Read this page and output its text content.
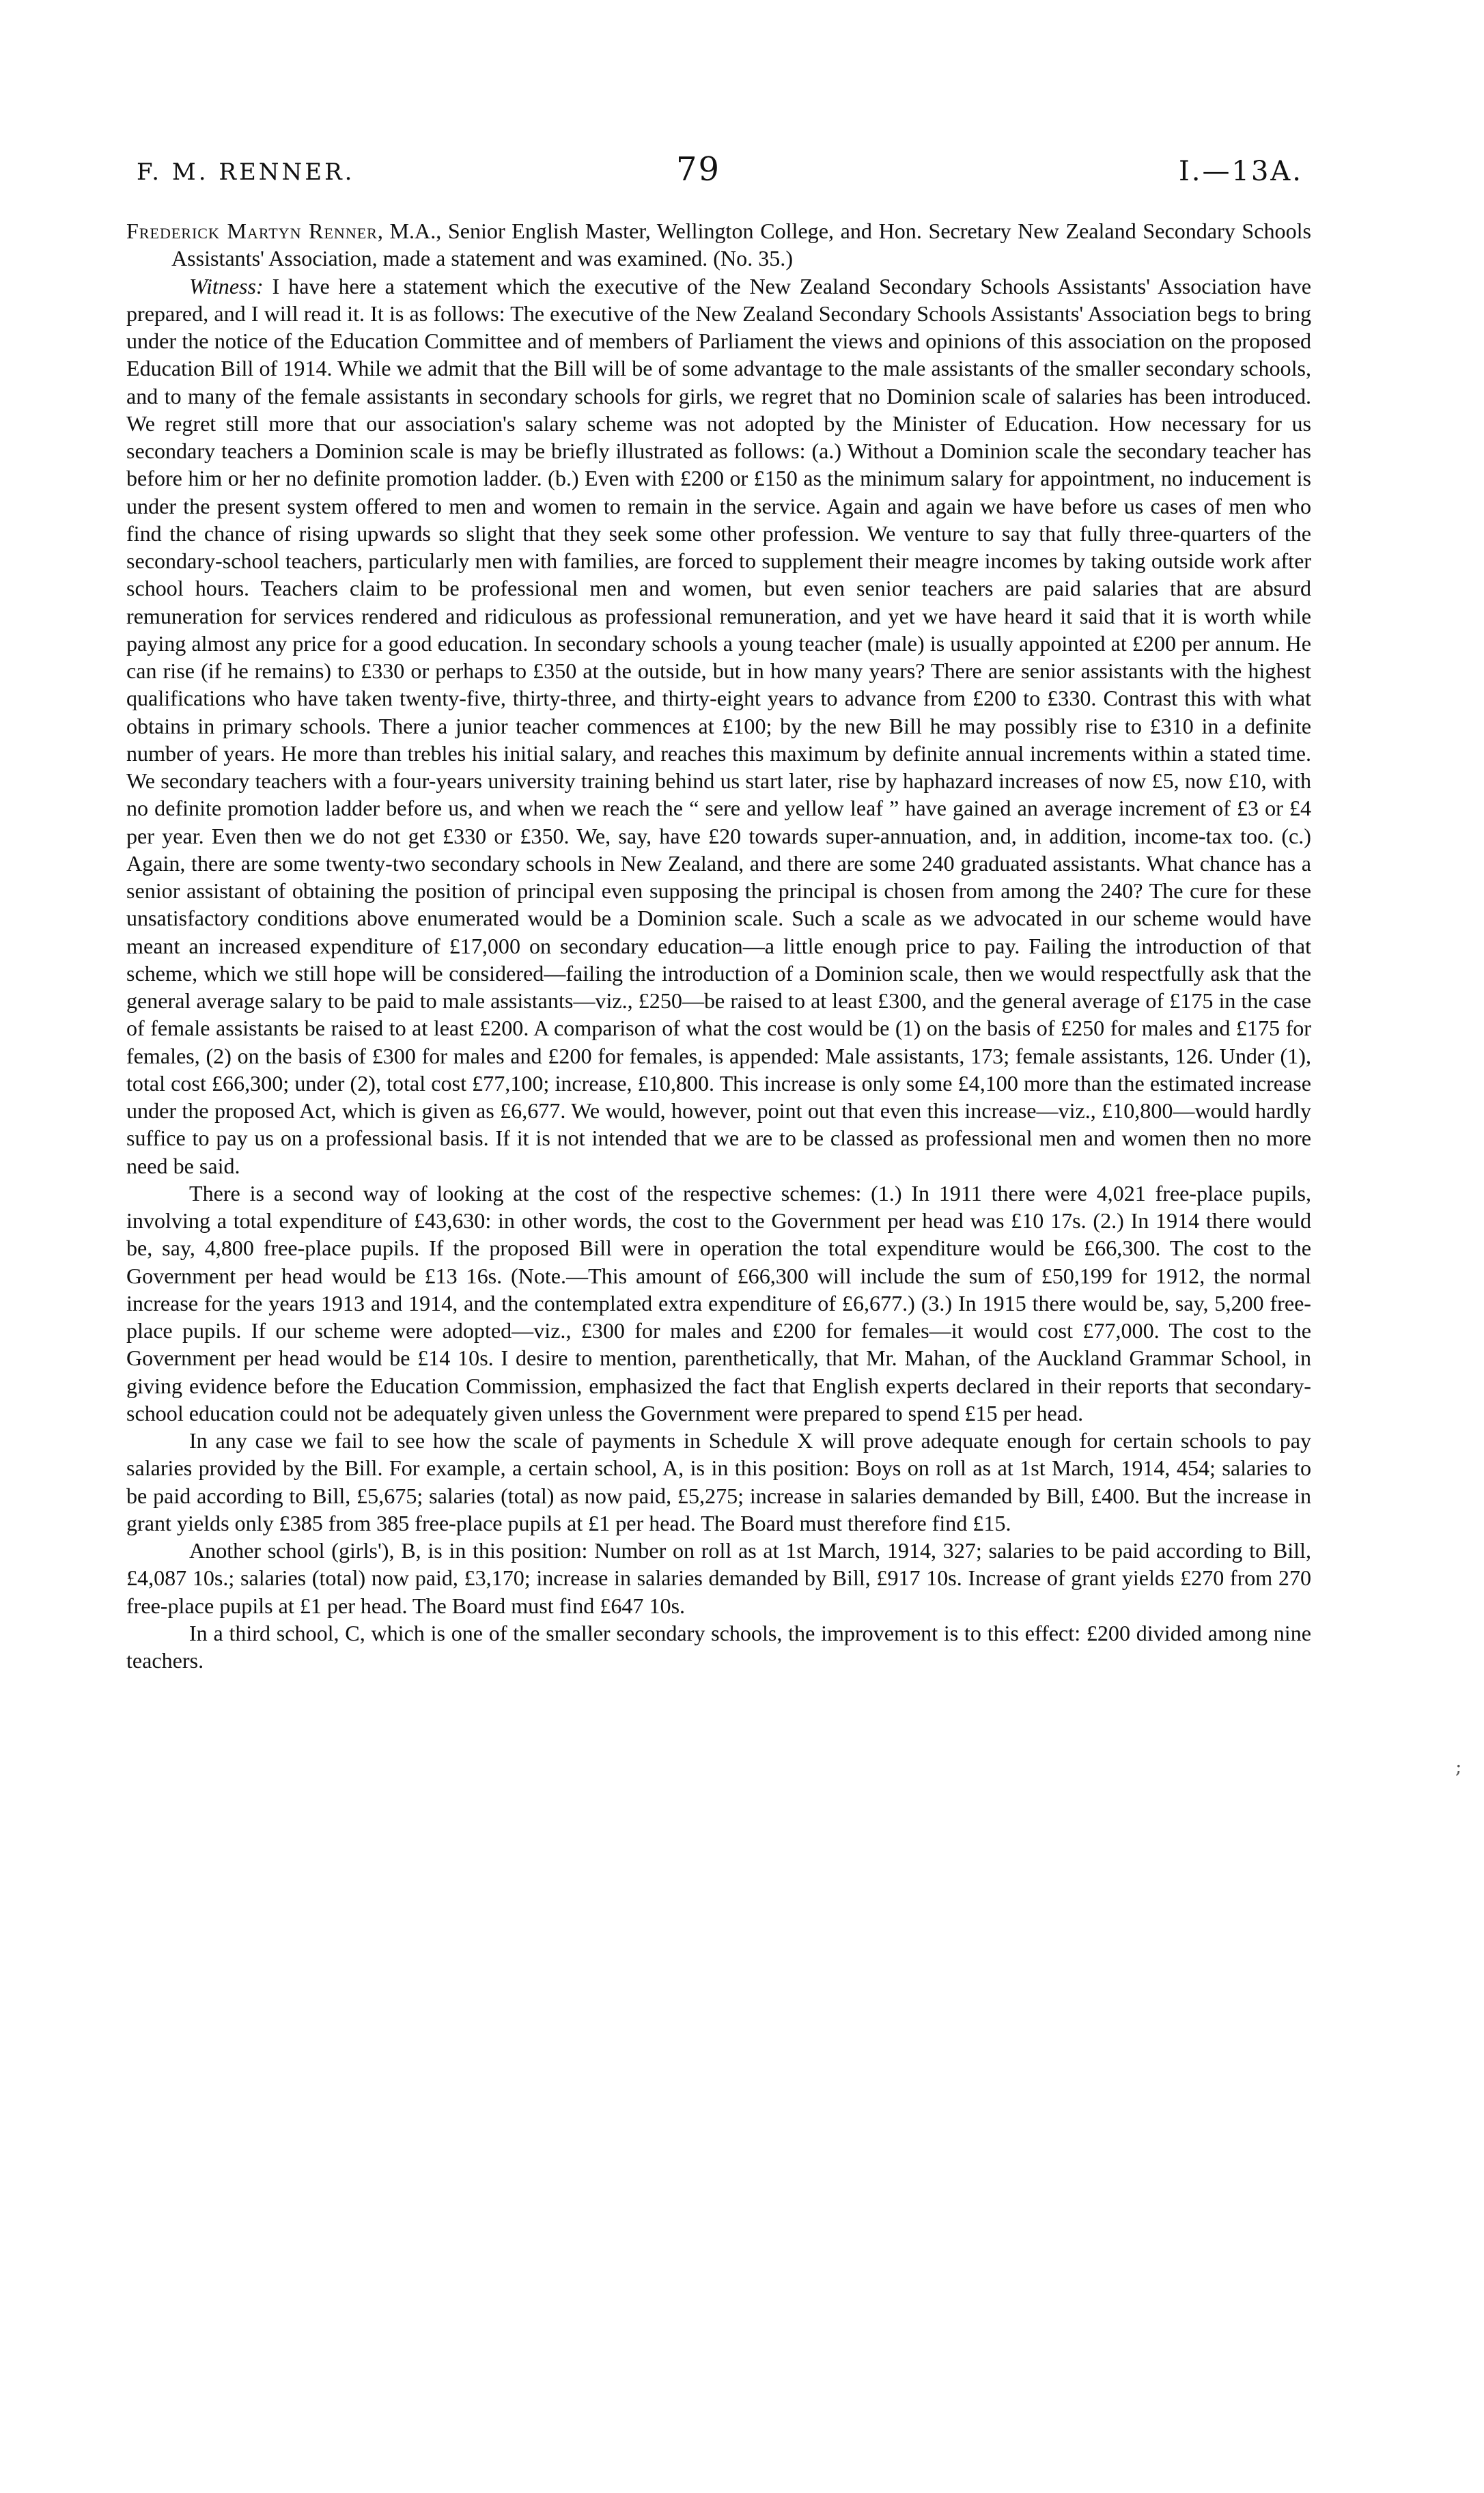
F. M. RENNER.	79	I.—13A.

Frederick Martyn Renner, M.A., Senior English Master, Wellington College, and Hon. Secretary New Zealand Secondary Schools Assistants' Association, made a statement and was examined. (No. 35.)

Witness: I have here a statement which the executive of the New Zealand Secondary Schools Assistants' Association have prepared, and I will read it. It is as follows: The executive of the New Zealand Secondary Schools Assistants' Association begs to bring under the notice of the Education Committee and of members of Parliament the views and opinions of this association on the proposed Education Bill of 1914. While we admit that the Bill will be of some advantage to the male assistants of the smaller secondary schools, and to many of the female assistants in secondary schools for girls, we regret that no Dominion scale of salaries has been introduced. We regret still more that our association's salary scheme was not adopted by the Minister of Education. How necessary for us secondary teachers a Dominion scale is may be briefly illustrated as follows: (a.) Without a Dominion scale the secondary teacher has before him or her no definite promotion ladder. (b.) Even with £200 or £150 as the minimum salary for appointment, no inducement is under the present system offered to men and women to remain in the service. Again and again we have before us cases of men who find the chance of rising upwards so slight that they seek some other profession. We venture to say that fully three-quarters of the secondary-school teachers, particularly men with families, are forced to supplement their meagre incomes by taking outside work after school hours. Teachers claim to be professional men and women, but even senior teachers are paid salaries that are absurd remuneration for services rendered and ridiculous as professional remuneration, and yet we have heard it said that it is worth while paying almost any price for a good education. In secondary schools a young teacher (male) is usually appointed at £200 per annum. He can rise (if he remains) to £330 or perhaps to £350 at the outside, but in how many years? There are senior assistants with the highest qualifications who have taken twenty-five, thirty-three, and thirty-eight years to advance from £200 to £330. Contrast this with what obtains in primary schools. There a junior teacher commences at £100; by the new Bill he may possibly rise to £310 in a definite number of years. He more than trebles his initial salary, and reaches this maximum by definite annual increments within a stated time. We secondary teachers with a four-years university training behind us start later, rise by haphazard increases of now £5, now £10, with no definite promotion ladder before us, and when we reach the “ sere and yellow leaf ” have gained an average increment of £3 or £4 per year. Even then we do not get £330 or £350. We, say, have £20 towards super-annuation, and, in addition, income-tax too. (c.) Again, there are some twenty-two secondary schools in New Zealand, and there are some 240 graduated assistants. What chance has a senior assistant of obtaining the position of principal even supposing the principal is chosen from among the 240? The cure for these unsatisfactory conditions above enumerated would be a Dominion scale. Such a scale as we advocated in our scheme would have meant an increased expenditure of £17,000 on secondary education—a little enough price to pay. Failing the introduction of that scheme, which we still hope will be considered—failing the introduction of a Dominion scale, then we would respectfully ask that the general average salary to be paid to male assistants—viz., £250—be raised to at least £300, and the general average of £175 in the case of female assistants be raised to at least £200. A comparison of what the cost would be (1) on the basis of £250 for males and £175 for females, (2) on the basis of £300 for males and £200 for females, is appended: Male assistants, 173; female assistants, 126. Under (1), total cost £66,300; under (2), total cost £77,100; increase, £10,800. This increase is only some £4,100 more than the estimated increase under the proposed Act, which is given as £6,677. We would, however, point out that even this increase—viz., £10,800—would hardly suffice to pay us on a professional basis. If it is not intended that we are to be classed as professional men and women then no more need be said.

There is a second way of looking at the cost of the respective schemes: (1.) In 1911 there were 4,021 free-place pupils, involving a total expenditure of £43,630: in other words, the cost to the Government per head was £10 17s. (2.) In 1914 there would be, say, 4,800 free-place pupils. If the proposed Bill were in operation the total expenditure would be £66,300. The cost to the Government per head would be £13 16s. (Note.—This amount of £66,300 will include the sum of £50,199 for 1912, the normal increase for the years 1913 and 1914, and the contemplated extra expenditure of £6,677.) (3.) In 1915 there would be, say, 5,200 free-place pupils. If our scheme were adopted—viz., £300 for males and £200 for females—it would cost £77,000. The cost to the Government per head would be £14 10s. I desire to mention, parenthetically, that Mr. Mahan, of the Auckland Grammar School, in giving evidence before the Education Commission, emphasized the fact that English experts declared in their reports that secondary-school education could not be adequately given unless the Government were prepared to spend £15 per head.

In any case we fail to see how the scale of payments in Schedule X will prove adequate enough for certain schools to pay salaries provided by the Bill. For example, a certain school, A, is in this position: Boys on roll as at 1st March, 1914, 454; salaries to be paid according to Bill, £5,675; salaries (total) as now paid, £5,275; increase in salaries demanded by Bill, £400. But the increase in grant yields only £385 from 385 free-place pupils at £1 per head. The Board must therefore find £15.

Another school (girls'), B, is in this position: Number on roll as at 1st March, 1914, 327; salaries to be paid according to Bill, £4,087 10s.; salaries (total) now paid, £3,170; increase in salaries demanded by Bill, £917 10s. Increase of grant yields £270 from 270 free-place pupils at £1 per head. The Board must find £647 10s.

In a third school, C, which is one of the smaller secondary schools, the improvement is to this effect: £200 divided among nine teachers.

;
